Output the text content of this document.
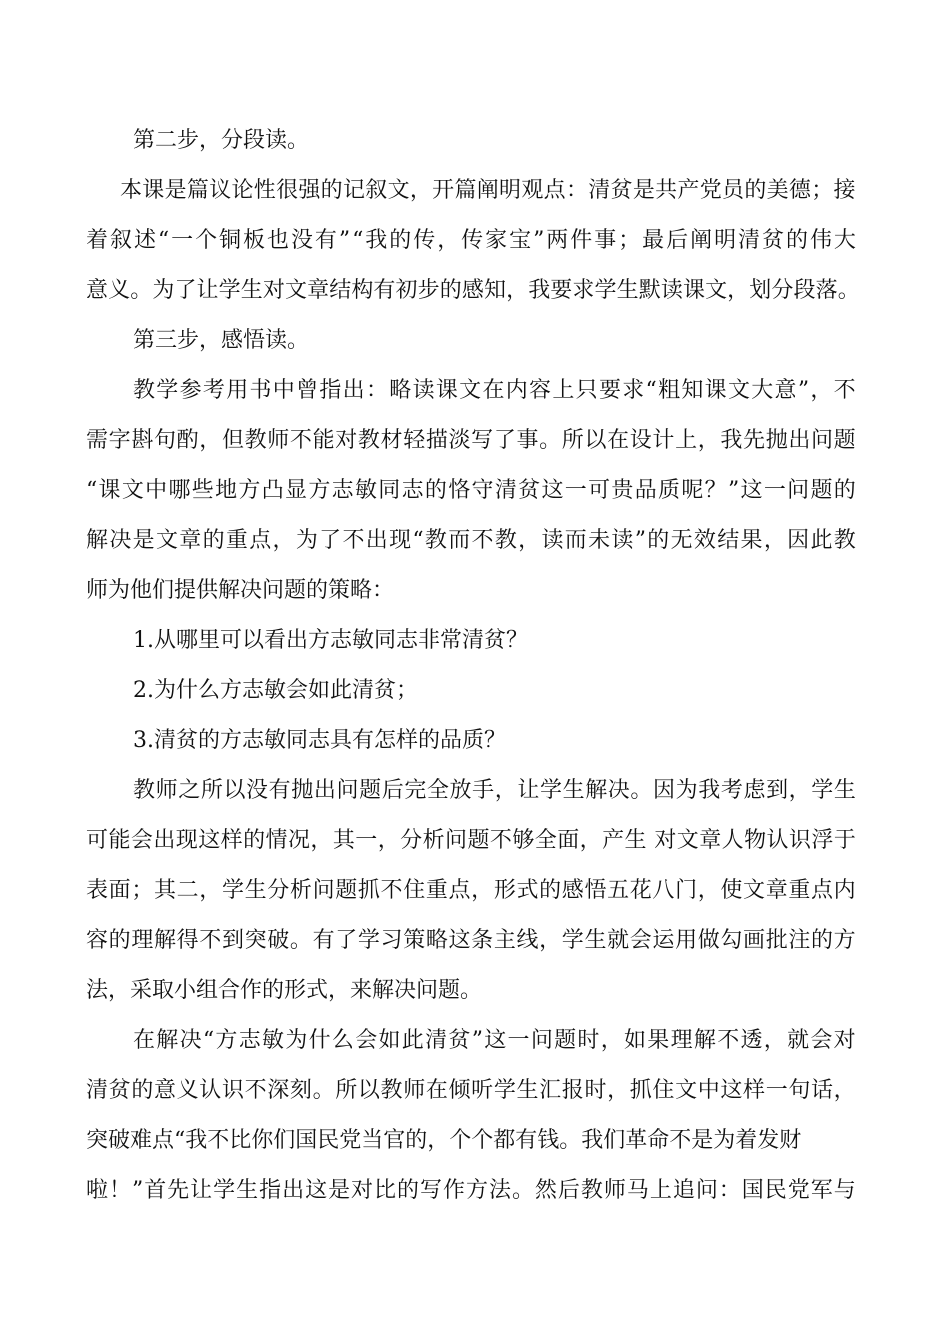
第二步，分段读。

本 课 是 篇 议 论 性 很 强 的 记 叙 文 ， 开 篇 阐 明 观 点 ： 清 贫 是 共 产 党 员 的 美 德 ； 接

着 叙 述 “ 一 个 铜 板 也 没 有 ” “ 我 的 传 ， 传 家 宝 ” 两 件 事 ； 最 后 阐 明 清 贫 的 伟 大

意 义 。 为 了 让 学 生 对 文 章 结 构 有 初 步 的 感 知 ， 我 要 求 学 生 默 读 课 文 ， 划 分 段 落 。

第三步，感悟读。

教 学 参 考 用 书 中 曾 指 出 ： 略 读 课 文 在 内 容 上 只 要 求 “ 粗 知 课 文 大 意 ” ， 不

需 字 斟 句 酌 ， 但 教 师 不 能 对 教 材 轻 描 淡 写 了 事 。 所 以 在 设 计 上 ， 我 先 抛 出 问 题

“ 课 文 中 哪 些 地 方 凸 显 方 志 敏 同 志 的 恪 守 清 贫 这 一 可 贵 品 质 呢 ？ ” 这 一 问 题 的

解 决 是 文 章 的 重 点 ， 为 了 不 出 现 “ 教 而 不 教 ， 读 而 未 读 ” 的 无 效 结 果 ， 因 此 教

师为他们提供解决问题的策略：

1.从哪里可以看出方志敏同志非常清贫？

2.为什么方志敏会如此清贫；

3.清贫的方志敏同志具有怎样的品质？

教 师 之 所 以 没 有 抛 出 问 题 后 完 全 放 手 ， 让 学 生 解 决 。 因 为 我 考 虑 到 ， 学 生

可 能 会 出 现 这 样 的 情 况 ， 其 一 ， 分 析 问 题 不 够 全 面 ， 产 生
对 文 章 人 物 认 识 浮 于

表 面 ； 其 二 ， 学 生 分 析 问 题 抓 不 住 重 点 ， 形 式 的 感 悟 五 花 八 门 ， 使 文 章 重 点 内

容 的 理 解 得 不 到 突 破 。 有 了 学 习 策 略 这 条 主 线 ， 学 生 就 会 运 用 做 勾 画 批 注 的 方

法，采取小组合作的形式，来解决问题。

在 解 决 “ 方 志 敏 为 什 么 会 如 此 清 贫 ” 这 一 问 题 时 ， 如 果 理 解 不 透 ， 就 会 对

清 贫 的 意 义 认 识 不 深 刻 。 所 以 教 师 在 倾 听 学 生 汇 报 时 ， 抓 住 文 中 这 样 一 句 话 ，

突破难点“我不比你们国民党当官的，个个都有钱。我们革命不是为着发财

啦 ！ ” 首 先 让 学 生 指 出 这 是 对 比 的 写 作 方 法 。 然 后 教 师 马 上 追 问 ： 国 民 党 军 与
